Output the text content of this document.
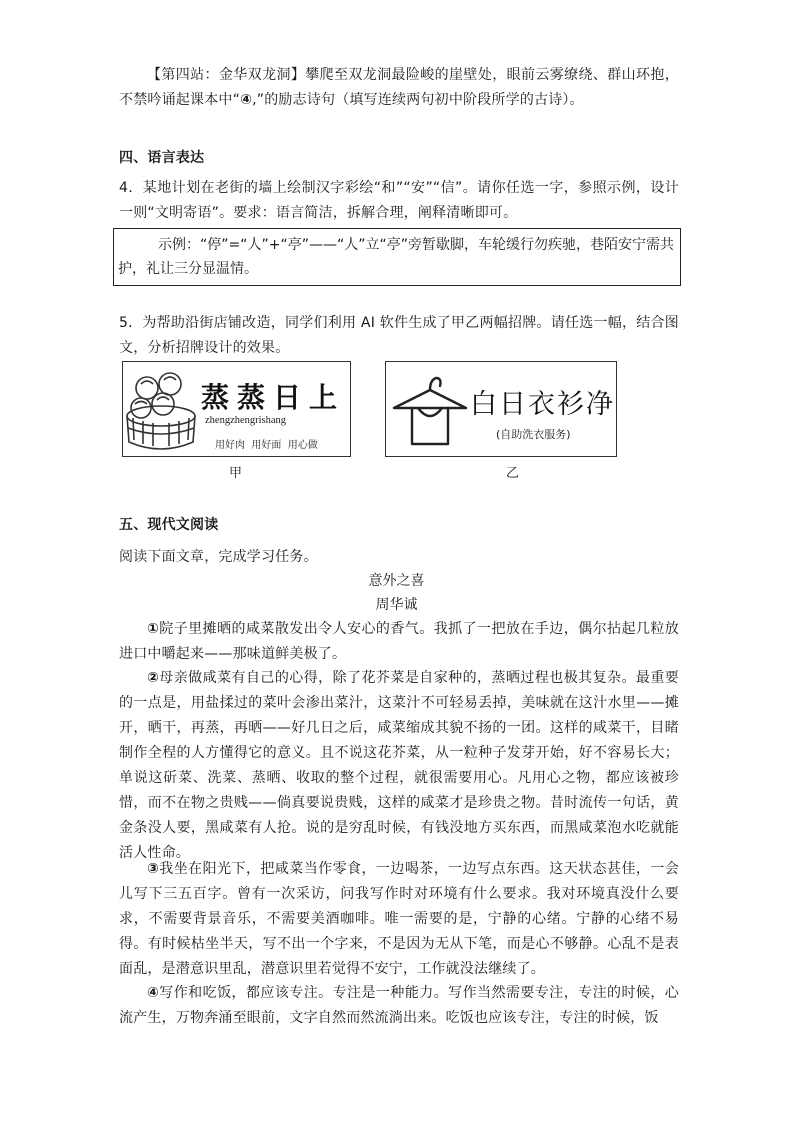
【第四站：金华双龙洞】攀爬至双龙洞最险峻的崖壁处，眼前云雾缭绕、群山环抱，不禁吟诵起课本中“④,”的励志诗句（填写连续两句初中阶段所学的古诗）。

四、语言表达

4．某地计划在老街的墙上绘制汉字彩绘“和”“安”“信”。请你任选一字，参照示例，设计一则“文明寄语”。要求：语言简洁，拆解合理，阐释清晰即可。

示例：“停”=“人”+“亭”——“人”立“亭”旁暂歇脚，车轮缓行勿疾驰，巷陌安宁需共护，礼让三分显温情。

5．为帮助沿街店铺改造，同学们利用 AI 软件生成了甲乙两幅招牌。请任选一幅，结合图文，分析招牌设计的效果。

蒸蒸日上
zhengzhengrishang
用好肉  用好面  用心做
甲
白日衣衫净
(自助洗衣服务)
乙

五、现代文阅读

阅读下面文章，完成学习任务。

意外之喜
周华诚

①院子里摊晒的咸菜散发出令人安心的香气。我抓了一把放在手边，偶尔拈起几粒放进口中嚼起来——那味道鲜美极了。

②母亲做咸菜有自己的心得，除了花芥菜是自家种的，蒸晒过程也极其复杂。最重要的一点是，用盐揉过的菜叶会渗出菜汁，这菜汁不可轻易丢掉，美味就在这汁水里——摊开，晒干，再蒸，再晒——好几日之后，咸菜缩成其貌不扬的一团。这样的咸菜干，目睹制作全程的人方懂得它的意义。且不说这花芥菜，从一粒种子发芽开始，好不容易长大；单说这斫菜、洗菜、蒸晒、收取的整个过程，就很需要用心。凡用心之物，都应该被珍惜，而不在物之贵贱——倘真要说贵贱，这样的咸菜才是珍贵之物。昔时流传一句话，黄金条没人要，黑咸菜有人抢。说的是穷乱时候，有钱没地方买东西，而黑咸菜泡水吃就能活人性命。

③我坐在阳光下，把咸菜当作零食，一边喝茶，一边写点东西。这天状态甚佳，一会儿写下三五百字。曾有一次采访，问我写作时对环境有什么要求。我对环境真没什么要求，不需要背景音乐，不需要美酒咖啡。唯一需要的是，宁静的心绪。宁静的心绪不易得。有时候枯坐半天，写不出一个字来，不是因为无从下笔，而是心不够静。心乱不是表面乱，是潜意识里乱，潜意识里若觉得不安宁，工作就没法继续了。

④写作和吃饭，都应该专注。专注是一种能力。写作当然需要专注，专注的时候，心流产生，万物奔涌至眼前，文字自然而然流淌出来。吃饭也应该专注，专注的时候，饭
